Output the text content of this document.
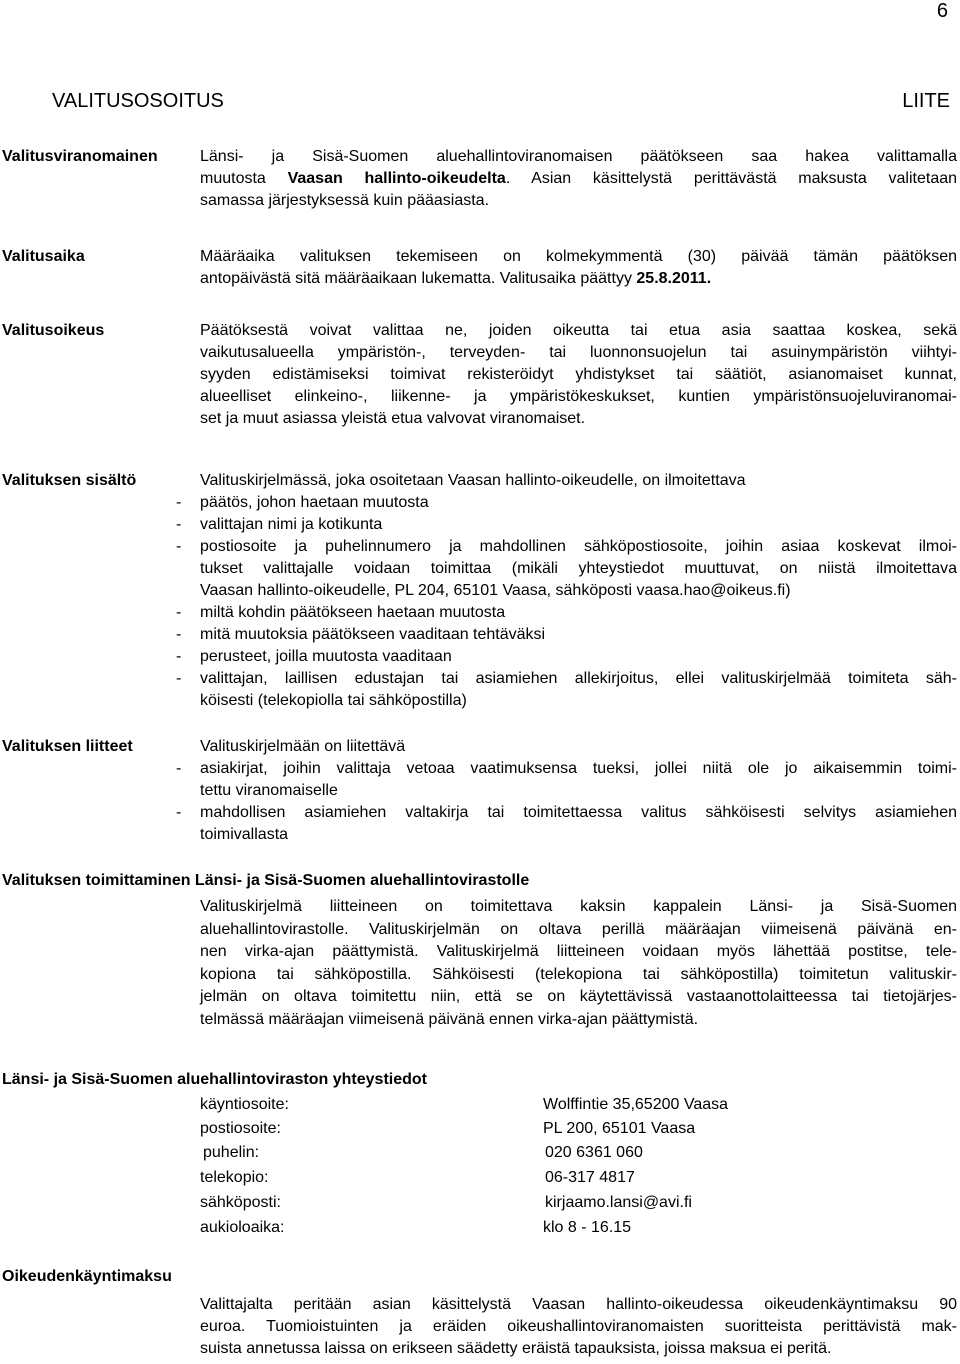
6
VALITUSOSOITUS	LIITE
Valitusviranomainen	Länsi- ja Sisä-Suomen aluehallintoviranomaisen päätökseen saa hakea valittamalla
muutosta Vaasan hallinto-oikeudelta. Asian käsittelystä perittävästä maksusta valitetaan
samassa järjestyksessä kuin pääasiasta.
Valitusaika	Määräaika valituksen tekemiseen on kolmekymmentä (30) päivää tämän päätöksen
antopäivästä sitä määräaikaan lukematta. Valitusaika päättyy 25.8.2011.
Valitusoikeus	Päätöksestä voivat valittaa ne, joiden oikeutta tai etua asia saattaa koskea, sekä
vaikutusalueella ympäristön-, terveyden- tai luonnonsuojelun tai asuinympäristön viihtyi-
syyden edistämiseksi toimivat rekisteröidyt yhdistykset tai säätiöt, asianomaiset kunnat,
alueelliset elinkeino-, liikenne- ja ympäristökeskukset, kuntien ympäristönsuojeluviranomai-
set ja muut asiassa yleistä etua valvovat viranomaiset.
Valituksen sisältö	Valituskirjelmässä, joka osoitetaan Vaasan hallinto-oikeudelle, on ilmoitettava
- päätös, johon haetaan muutosta
- valittajan nimi ja kotikunta
- postiosoite ja puhelinnumero ja mahdollinen sähköpostiosoite, joihin asiaa koskevat ilmoi-
tukset valittajalle voidaan toimittaa (mikäli yhteystiedot muuttuvat, on niistä ilmoitettava
Vaasan hallinto-oikeudelle, PL 204, 65101 Vaasa, sähköposti vaasa.hao@oikeus.fi)
- miltä kohdin päätökseen haetaan muutosta
- mitä muutoksia päätökseen vaaditaan tehtäväksi
- perusteet, joilla muutosta vaaditaan
- valittajan, laillisen edustajan tai asiamiehen allekirjoitus, ellei valituskirjelmää toimiteta säh-
köisesti (telekopiolla tai sähköpostilla)
Valituksen liitteet	Valituskirjelmään on liitettävä
- asiakirjat, joihin valittaja vetoaa vaatimuksensa tueksi, jollei niitä ole jo aikaisemmin toimi-
tettu viranomaiselle
- mahdollisen asiamiehen valtakirja tai toimitettaessa valitus sähköisesti selvitys asiamiehen
toimivallasta
Valituksen toimittaminen Länsi- ja Sisä-Suomen aluehallintovirastolle
Valituskirjelmä liitteineen on toimitettava kaksin kappalein Länsi- ja Sisä-Suomen
aluehallintovirastolle. Valituskirjelmän on oltava perillä määräajan viimeisenä päivänä en-
nen virka-ajan päättymistä. Valituskirjelmä liitteineen voidaan myös lähettää postitse, tele-
kopiona tai sähköpostilla. Sähköisesti (telekopiona tai sähköpostilla) toimitetun valituskir-
jelmän on oltava toimitettu niin, että se on käytettävissä vastaanottolaitteessa tai tietojärjes-
telmässä määräajan viimeisenä päivänä ennen virka-ajan päättymistä.
Länsi- ja Sisä-Suomen aluehallintoviraston yhteystiedot
käyntiosoite:	Wolffintie 35,65200 Vaasa
postiosoite:	PL 200, 65101 Vaasa
puhelin:	020 6361 060
telekopio:	06-317 4817
sähköposti:	kirjaamo.lansi@avi.fi
aukioloaika:	klo 8 - 16.15
Oikeudenkäyntimaksu
Valittajalta peritään asian käsittelystä Vaasan hallinto-oikeudessa oikeudenkäyntimaksu 90
euroa. Tuomioistuinten ja eräiden oikeushallintoviranomaisten suoritteista perittävistä mak-
suista annetussa laissa on erikseen säädetty eräistä tapauksista, joissa maksua ei peritä.
